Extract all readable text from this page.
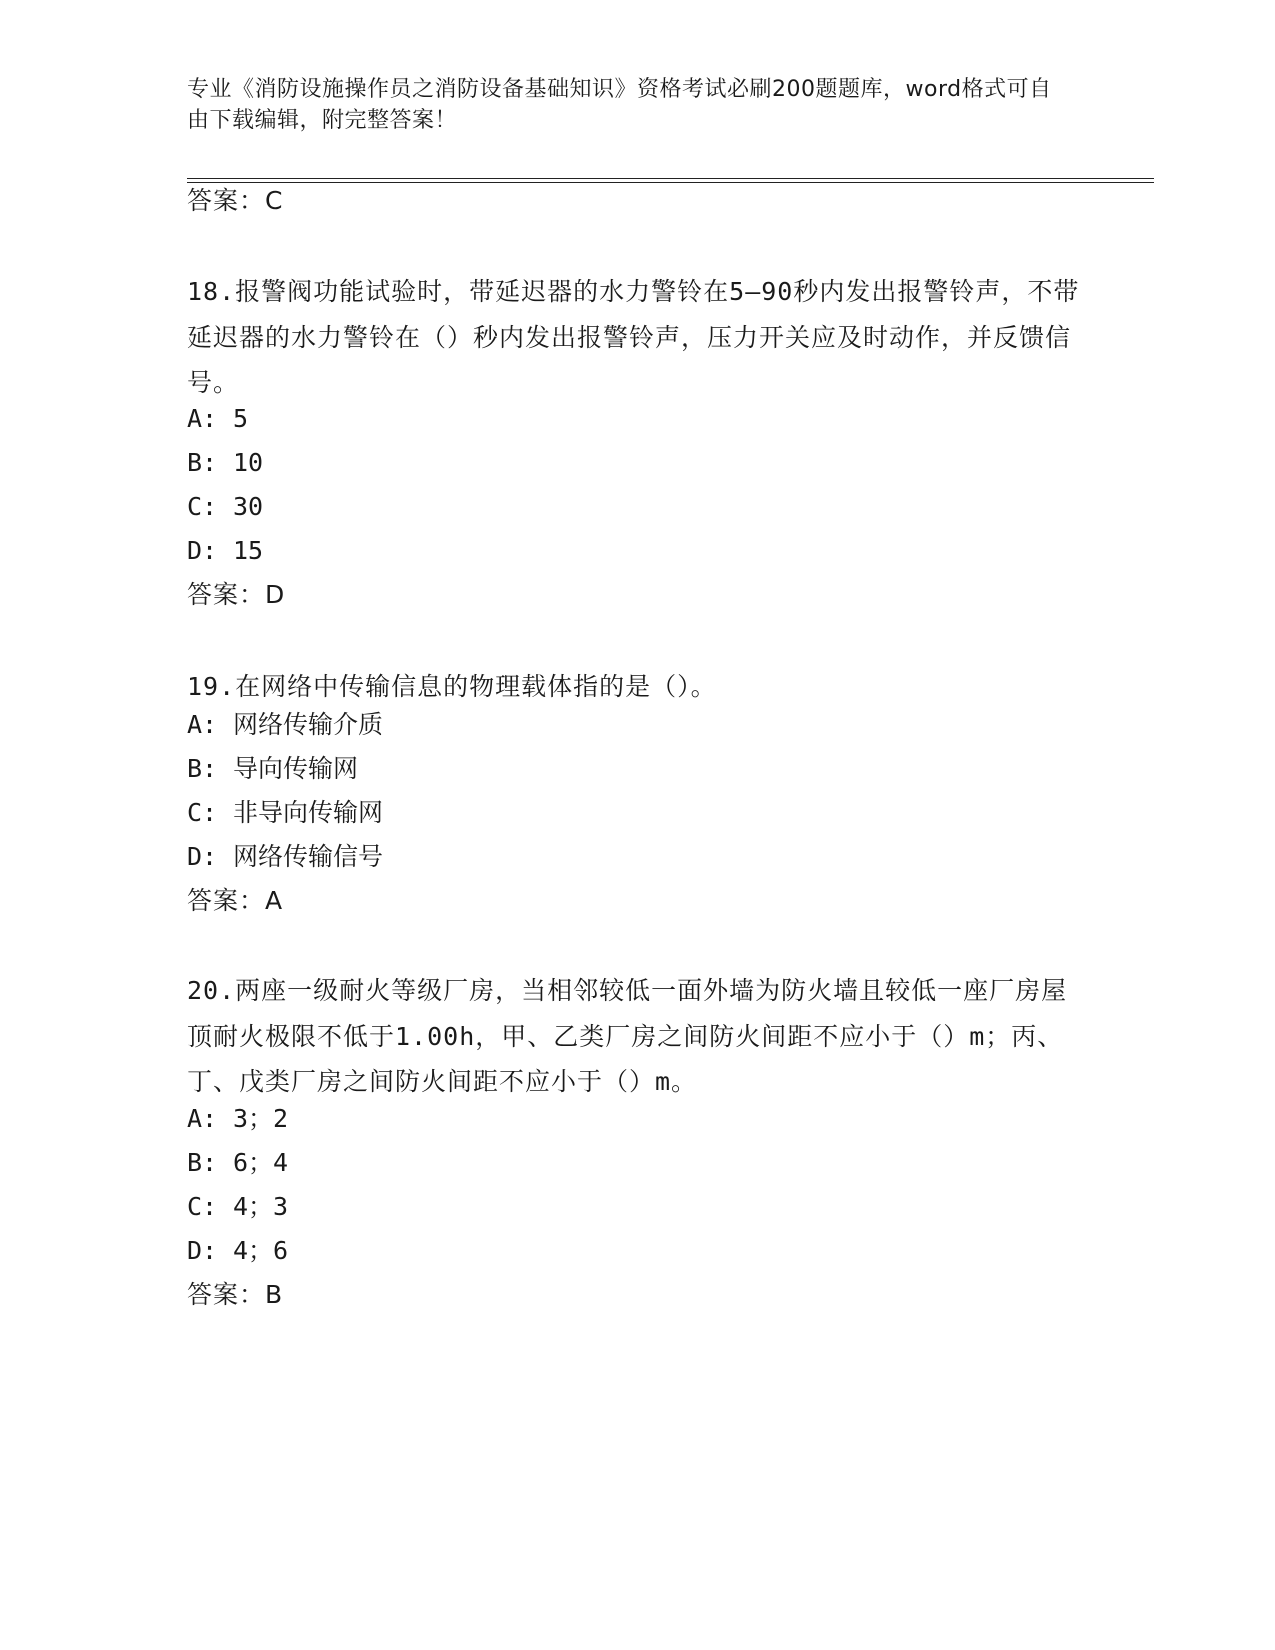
专业《消防设施操作员之消防设备基础知识》资格考试必刷200题题库，word格式可自由下载编辑，附完整答案！
答案：C
18.报警阀功能试验时，带延迟器的水力警铃在5—90秒内发出报警铃声，不带延迟器的水力警铃在（）秒内发出报警铃声，压力开关应及时动作，并反馈信号。
A: 5
B: 10
C: 30
D: 15
答案：D
19.在网络中传输信息的物理载体指的是（）。
A: 网络传输介质
B: 导向传输网
C: 非导向传输网
D: 网络传输信号
答案：A
20.两座一级耐火等级厂房，当相邻较低一面外墙为防火墙且较低一座厂房屋顶耐火极限不低于1.00h，甲、乙类厂房之间防火间距不应小于（）m；丙、丁、戊类厂房之间防火间距不应小于（）m。
A: 3；2
B: 6；4
C: 4；3
D: 4；6
答案：B
